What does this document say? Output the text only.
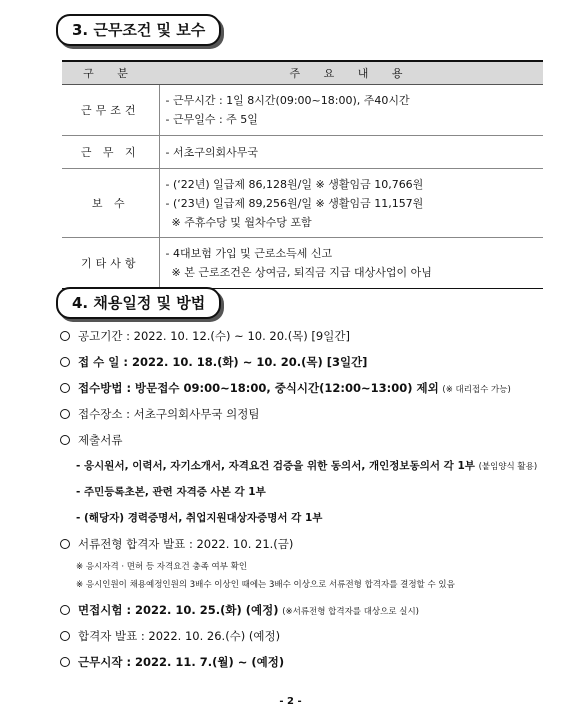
3. 근무조건 및 보수
구 분	주 요 내 용
근무조건	- 근무시간 : 1일 8시간(09:00~18:00), 주40시간
- 근무일수 : 주 5일

근 무 지	- 서초구의회사무국

보 수	- (‘22년) 일급제 86,128원/일 ※ 생활임금 10,766원
- (‘23년) 일급제 89,256원/일 ※ 생활임금 11,157원
※ 주휴수당 및 월차수당 포함

기타사항	- 4대보험 가입 및 근로소득세 신고
※ 본 근로조건은 상여금, 퇴직금 지급 대상사업이 아님
4. 채용일정 및 방법
공고기간 : 2022. 10. 12.(수) ~ 10. 20.(목) [9일간]
접 수 일 : 2022. 10. 18.(화) ~ 10. 20.(목) [3일간]
접수방법 : 방문접수 09:00~18:00, 중식시간(12:00~13:00) 제외 (※ 대리접수 가능)
접수장소 : 서초구의회사무국 의정팀
제출서류
- 응시원서, 이력서, 자기소개서, 자격요건 검증을 위한 동의서, 개인정보동의서 각 1부 (붙임양식 활용)
- 주민등록초본, 관련 자격증 사본 각 1부
- (해당자) 경력증명서, 취업지원대상자증명서 각 1부
서류전형 합격자 발표 : 2022. 10. 21.(금)
※ 응시자격 · 면허 등 자격요건 충족 여부 확인
※ 응시인원이 채용예정인원의 3배수 이상인 때에는 3배수 이상으로 서류전형 합격자를 결정할 수 있음
면접시험 : 2022. 10. 25.(화) (예정) (※서류전형 합격자를 대상으로 실시)
합격자 발표 : 2022. 10. 26.(수) (예정)
근무시작 : 2022. 11. 7.(월) ~ (예정)
- 2 -
